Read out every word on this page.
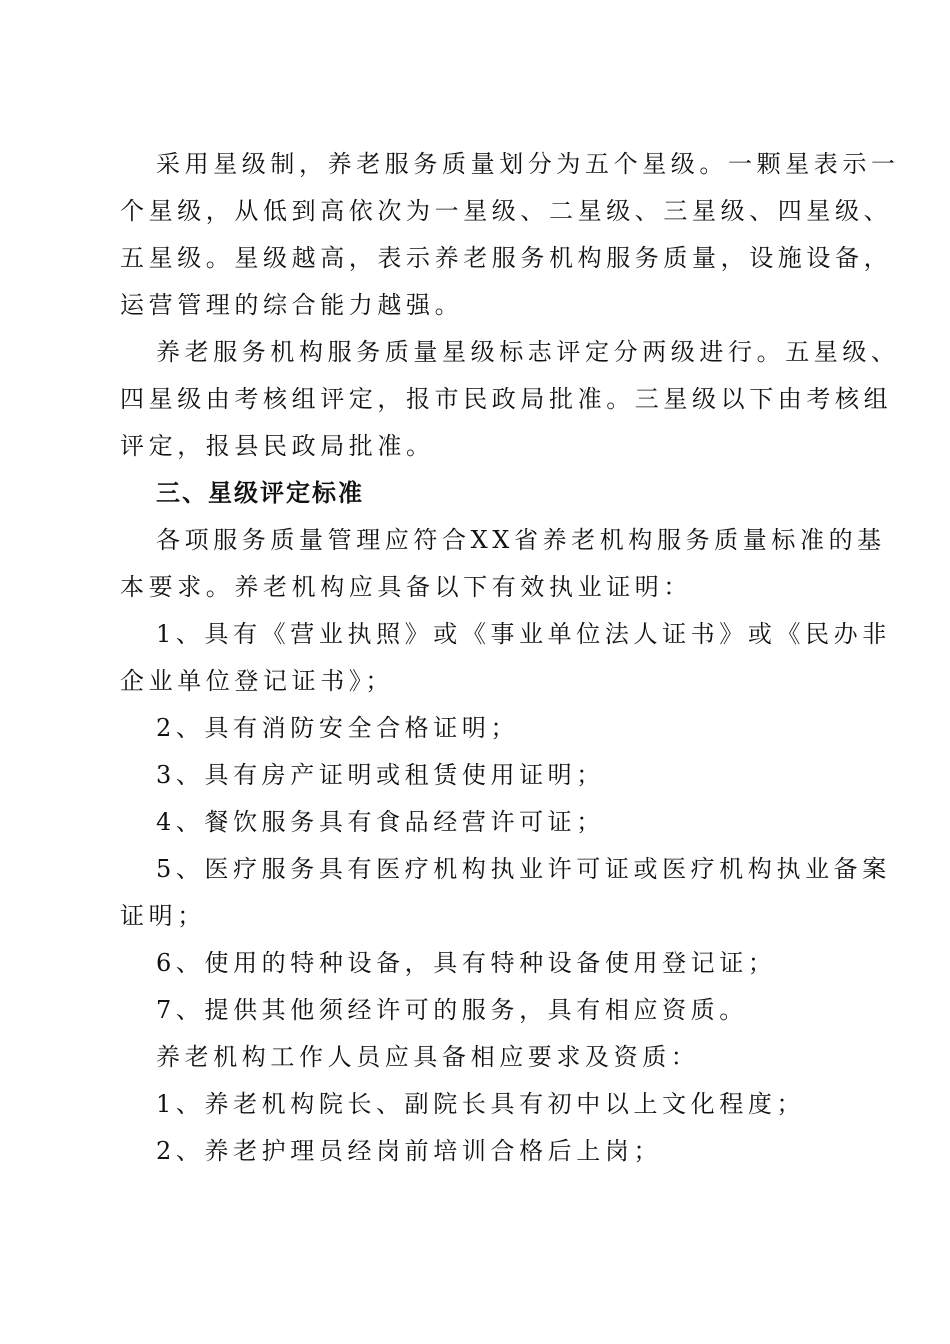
采用星级制，养老服务质量划分为五个星级。一颗星表示一
个星级，从低到高依次为一星级、二星级、三星级、四星级、
五星级。星级越高，表示养老服务机构服务质量，设施设备，
运营管理的综合能力越强。
养老服务机构服务质量星级标志评定分两级进行。五星级、
四星级由考核组评定，报市民政局批准。三星级以下由考核组
评定，报县民政局批准。
三、星级评定标准
各项服务质量管理应符合XX省养老机构服务质量标准的基
本要求。养老机构应具备以下有效执业证明：
1、具有《营业执照》或《事业单位法人证书》或《民办非
企业单位登记证书》；
2、具有消防安全合格证明；
3、具有房产证明或租赁使用证明；
4、餐饮服务具有食品经营许可证；
5、医疗服务具有医疗机构执业许可证或医疗机构执业备案
证明；
6、使用的特种设备，具有特种设备使用登记证；
7、提供其他须经许可的服务，具有相应资质。
养老机构工作人员应具备相应要求及资质：
1、养老机构院长、副院长具有初中以上文化程度；
2、养老护理员经岗前培训合格后上岗；
